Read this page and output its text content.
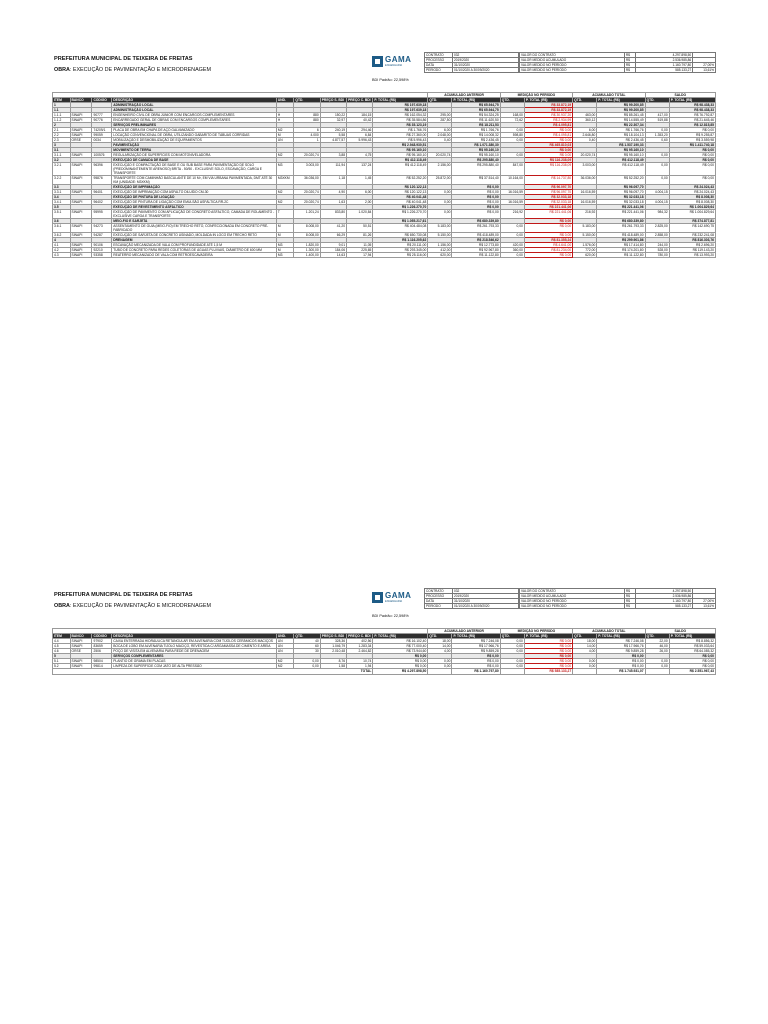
PREFEITURA MUNICIPAL DE TEIXEIRA DE FREITAS
OBRA: EXECUÇÃO DE PAVIMENTAÇÃO E MICRODRENAGEM
GAMA
ENGENHARIA
CONTRATO	032
PROCESSO	2019/2020
DATA	31/10/2020
PERÍODO	01/10/2020 A 30/09/2020
VALOR DO CONTRATO	R$	4.297.898,50	
VALOR MEDIDO ACUMULADO	R$	2.536.985,86	
VALOR MEDIDO NO PERÍODO	R$	1.160.797,80	27,00%
VALOR MEDIDO NO PERÍODO	R$	585.133,27	13,61%
BDI Padrão: 22,598%
									ACUMULADO ANTERIOR		MEDIÇÃO NO PERÍODO		ACUMULADO TOTAL		SALDO	
ITEM	BANCO	CÓDIGO	DESCRIÇÃO	UND.	QTD.	PREÇO S. BDI	PREÇO C. BDI	P. TOTAL (R$)	QTD.	P. TOTAL (R$)	QTD.	P. TOTAL (R$)	QTD.	P. TOTAL (R$)	QTD.	P. TOTAL (R$)
1			ADMINISTRAÇÃO LOCAL					R$ 197.639,18		R$ 65.944,75		R$ 33.872,19		R$ 99.200,85		R$ 98.438,33
1.1			ADMINISTRAÇÃO LOCAL					R$ 197.639,18		R$ 65.944,75		R$ 33.872,19		R$ 99.200,85		R$ 98.438,33
1.1.1	SINAPI	90777	ENGENHEIRO CIVIL DE OBRA JÚNIOR COM ENCARGOS COMPLEMENTARES	H	880	150,22	184,15	R$ 162.054,32	295,00	R$ 54.324,25	168,00	R$ 30.937,20	463,00	R$ 85.261,45	417,00	R$ 76.792,87
1.1.2	SINAPI	90776	ENCARREGADO GERAL DE OBRAS COM ENCARGOS COMPLEMENTARES	H	880	32,97	40,42	R$ 35.584,86	287,50	R$ 11.620,50	72,62	R$ 2.934,99	360,12	R$ 14.555,49	519,88	R$ 21.645,46
2			SERVIÇOS PRELIMINARES					R$ 35.123,19		R$ 18.211,53		R$ 4.095,81		R$ 22.307,34		R$ 12.815,85
2.1	SINAPI	74209/1	PLACA DE OBRA EM CHAPA DE AÇO GALVANIZADO	M2	6	240,19	294,46	R$ 1.766,76	6,00	R$ 1.766,76	0,00	R$ 0,00	6,00	R$ 1.766,76	0,00	R$ 0,00
2.2	SINAPI	99059	LOCAÇÃO CONVENCIONAL DE OBRA, UTILIZANDO GABARITO DE TÁBUAS CORRIDAS	M	4.000	5,58	6,84	R$ 27.360,00	2.048,00	R$ 14.008,32	598,80	R$ 4.095,81	2.646,80	R$ 18.104,13	1.353,20	R$ 9.255,87
2.3	ORSE	0034	MOBILIZAÇÃO E DESMOBILIZAÇÃO DE EQUIPAMENTOS	UN	1	4.877,57	5.996,43	R$ 5.996,43	0,40	R$ 2.436,45	0,00	R$ 0,00	0,40	R$ 2.436,45	0,60	R$ 3.559,98
3			PAVIMENTAÇÃO					R$ 2.948.930,51		R$ 1.071.380,30		R$ 465.810,03		R$ 1.537.190,33		R$ 1.411.740,18
3.1			MOVIMENTO DE TERRA					R$ 95.160,10		R$ 95.160,10		R$ 0,00		R$ 95.160,10		R$ 0,00
3.1.1	SINAPI	100576	REGULARIZAÇÃO DE SUPERFÍCIES COM MOTONIVELADORA	M2	20.020,74	3,88	4,75	R$ 95.160,10	20.020,74	R$ 95.160,10	0,00	R$ 0,00	20.020,74	R$ 95.160,10	0,00	R$ 0,00
3.2			EXECUÇÃO DE CAMADA DE BASE					R$ 412.118,49		R$ 295.880,40		R$ 116.238,09		R$ 412.118,49		R$ 0,00
3.2.1	SINAPI	96396	EXECUÇÃO E COMPACTAÇÃO DE BASE E OU SUB BASE PARA PAVIMENTAÇÃO DE SOLO (PREDOMINANTEMENTE ARENOSO) BRITA - 50/50 - EXCLUSIVE SOLO, ESCAVAÇÃO, CARGA E TRANSPORTE	M3	3.003,00	111,94	137,24	R$ 412.118,49	2.156,00	R$ 295.880,40	847,00	R$ 116.238,09	3.003,00	R$ 412.118,49	0,00	R$ 0,00
3.2.2	SINAPI	95876	TRANSPORTE COM CAMINHÃO BASCULANTE DE 10 M³, EM VIA URBANA PAVIMENTADA, DMT ATÉ 30 KM (UNIDADE: M3XKM)	M3XKM	36.036,00	1,18	1,45	R$ 52.252,20	25.872,00	R$ 37.514,40	10.164,00	R$ 14.737,80	36.036,00	R$ 52.252,20	0,00	R$ 0,00
3.3			EXECUÇÃO DE IMPRIMAÇÃO					R$ 120.122,13		R$ 0,00		R$ 96.097,70		R$ 96.097,70		R$ 24.024,43
3.3.1	SINAPI	96401	EXECUÇÃO DE IMPRIMAÇÃO COM ASFALTO DILUÍDO CM-30	M2	20.020,74	4,90	6,00	R$ 120.122,13	0,00	R$ 0,00	16.016,59	R$ 96.097,70	16.016,59	R$ 96.097,70	4.004,15	R$ 24.024,43
3.4			EXECUÇÃO DE PINTURA DE LIGAÇÃO					R$ 40.041,48		R$ 0,00		R$ 32.033,18		R$ 32.033,18		R$ 8.008,30
3.4.1	SINAPI	96402	EXECUÇÃO DE PINTURA DE LIGAÇÃO COM EMULSÃO ASFÁLTICA RR-2C	M2	20.020,74	1,63	2,00	R$ 40.041,48	0,00	R$ 0,00	16.016,59	R$ 32.033,18	16.016,59	R$ 32.033,18	4.004,15	R$ 8.008,30
3.5			EXECUÇÃO DE REVESTIMENTO ASFÁLTICO					R$ 1.226.270,70		R$ 0,00		R$ 221.441,06		R$ 221.441,06		R$ 1.004.829,64
3.5.1	SINAPI	95995	EXECUÇÃO DE PAVIMENTO COM APLICAÇÃO DE CONCRETO ASFÁLTICO, CAMADA DE ROLAMENTO - EXCLUSIVE CARGA E TRANSPORTE	T	1.201,24	833,80	1.020,84	R$ 1.226.270,70	0,00	R$ 0,00	216,92	R$ 221.441,06	216,92	R$ 221.441,06	984,32	R$ 1.004.829,64
3.6			MEIO-FIO E SARJETA					R$ 1.055.217,61		R$ 680.339,80		R$ 0,00		R$ 680.339,80		R$ 374.877,81
3.6.1	SINAPI	94273	ASSENTAMENTO DE GUIA (MEIO-FIO) EM TRECHO RETO, CONFECCIONADA EM CONCRETO PRÉ-FABRICADO	M	8.008,00	41,20	50,51	R$ 404.484,08	5.183,00	R$ 261.793,33	0,00	R$ 0,00	5.183,00	R$ 261.793,33	2.825,00	R$ 142.690,75
3.6.2	SINAPI	94287	EXECUÇÃO DE SARJETA DE CONCRETO USINADO, MOLDADA IN LOCO EM TRECHO RETO	M	8.008,00	66,29	81,26	R$ 650.730,08	5.150,00	R$ 418.489,00	0,00	R$ 0,00	5.150,00	R$ 418.489,00	2.858,00	R$ 232.241,08
4			DRENAGEM					R$ 1.116.205,62		R$ 218.546,62		R$ 81.355,24		R$ 299.901,86		R$ 816.303,76
4.1	SINAPI	90106	ESCAVAÇÃO MECANIZADA DE VALA COM PROFUNDIDADE ATÉ 1,5 M	M3	1.820,00	9,01	11,05	R$ 20.111,00	1.156,00	R$ 12.773,80	420,00	R$ 4.641,00	1.576,00	R$ 17.414,80	244,00	R$ 2.696,20
4.2	SINAPI	92210	TUBO DE CONCRETO PARA REDES COLETORAS DE ÁGUAS PLUVIAIS, DIÂMETRO DE 600 MM	M	1.300,00	184,06	225,65	R$ 293.345,00	412,00	R$ 92.967,80	360,00	R$ 81.234,00	772,00	R$ 174.201,80	528,00	R$ 119.143,20
4.3	SINAPI	93358	REATERRO MECANIZADO DE VALA COM RETROESCAVADEIRA	M3	1.400,00	14,63	17,94	R$ 25.116,00	620,00	R$ 11.122,80	0,00	R$ 0,00	620,00	R$ 11.122,80	780,00	R$ 13.993,20
PREFEITURA MUNICIPAL DE TEIXEIRA DE FREITAS
OBRA: EXECUÇÃO DE PAVIMENTAÇÃO E MICRODRENAGEM
GAMA
ENGENHARIA
CONTRATO	032
PROCESSO	2019/2020
DATA	31/10/2020
PERÍODO	01/10/2020 A 30/09/2020
VALOR DO CONTRATO	R$	4.297.898,50	
VALOR MEDIDO ACUMULADO	R$	2.536.985,86	
VALOR MEDIDO NO PERÍODO	R$	1.160.797,80	27,00%
VALOR MEDIDO NO PERÍODO	R$	585.133,27	13,61%
BDI Padrão: 22,598%
									ACUMULADO ANTERIOR		MEDIÇÃO NO PERÍODO		ACUMULADO TOTAL		SALDO	
ITEM	BANCO	CÓDIGO	DESCRIÇÃO	UND.	QTD.	PREÇO S. BDI	PREÇO C. BDI	P. TOTAL (R$)	QTD.	P. TOTAL (R$)	QTD.	P. TOTAL (R$)	QTD.	P. TOTAL (R$)	QTD.	P. TOTAL (R$)
4.4	SINAPI	97902	CAIXA ENTERRADA HIDRÁULICA RETANGULAR EM ALVENARIA COM TIJOLOS CERÂMICOS MACIÇOS	UN	40	328,36	402,56	R$ 16.102,40	18,00	R$ 7.246,08	0,00	R$ 0,00	18,00	R$ 7.246,08	22,00	R$ 8.856,32
4.5	SINAPI	83659	BOCA DE LOBO EM ALVENARIA TIJOLO MACIÇO, REVESTIDA C/ ARGAMASSA DE CIMENTO E AREIA	UN	60	1.046,79	1.283,34	R$ 77.000,40	14,00	R$ 17.966,76	0,00	R$ 0,00	14,00	R$ 17.966,76	46,00	R$ 59.033,64
4.6	ORSE	2506	POÇO DE VISITA EM ALVENARIA PARA REDE DE DRENAGEM	UN	30	2.010,48	2.464,82	R$ 73.944,60	4,00	R$ 9.859,28	0,00	R$ 0,00	4,00	R$ 9.859,28	26,00	R$ 64.085,32
5			SERVIÇOS COMPLEMENTARES					R$ 0,00		R$ 0,00		R$ 0,00		R$ 0,00		R$ 0,00
5.1	SINAPI	98504	PLANTIO DE GRAMA EM PLACAS	M2	0,00	8,76	10,74	R$ 0,00	0,00	R$ 0,00	0,00	R$ 0,00	0,00	R$ 0,00	0,00	R$ 0,00
5.2	SINAPI	99814	LIMPEZA DE SUPERFÍCIE COM JATO DE ALTA PRESSÃO	M2	0,00	1,58	1,94	R$ 0,00	0,00	R$ 0,00	0,00	R$ 0,00	0,00	R$ 0,00	0,00	R$ 0,00
TOTAL								R$ 4.297.898,50		R$ 1.160.797,80		R$ 585.133,27		R$ 1.745.931,07		R$ 2.551.967,43
